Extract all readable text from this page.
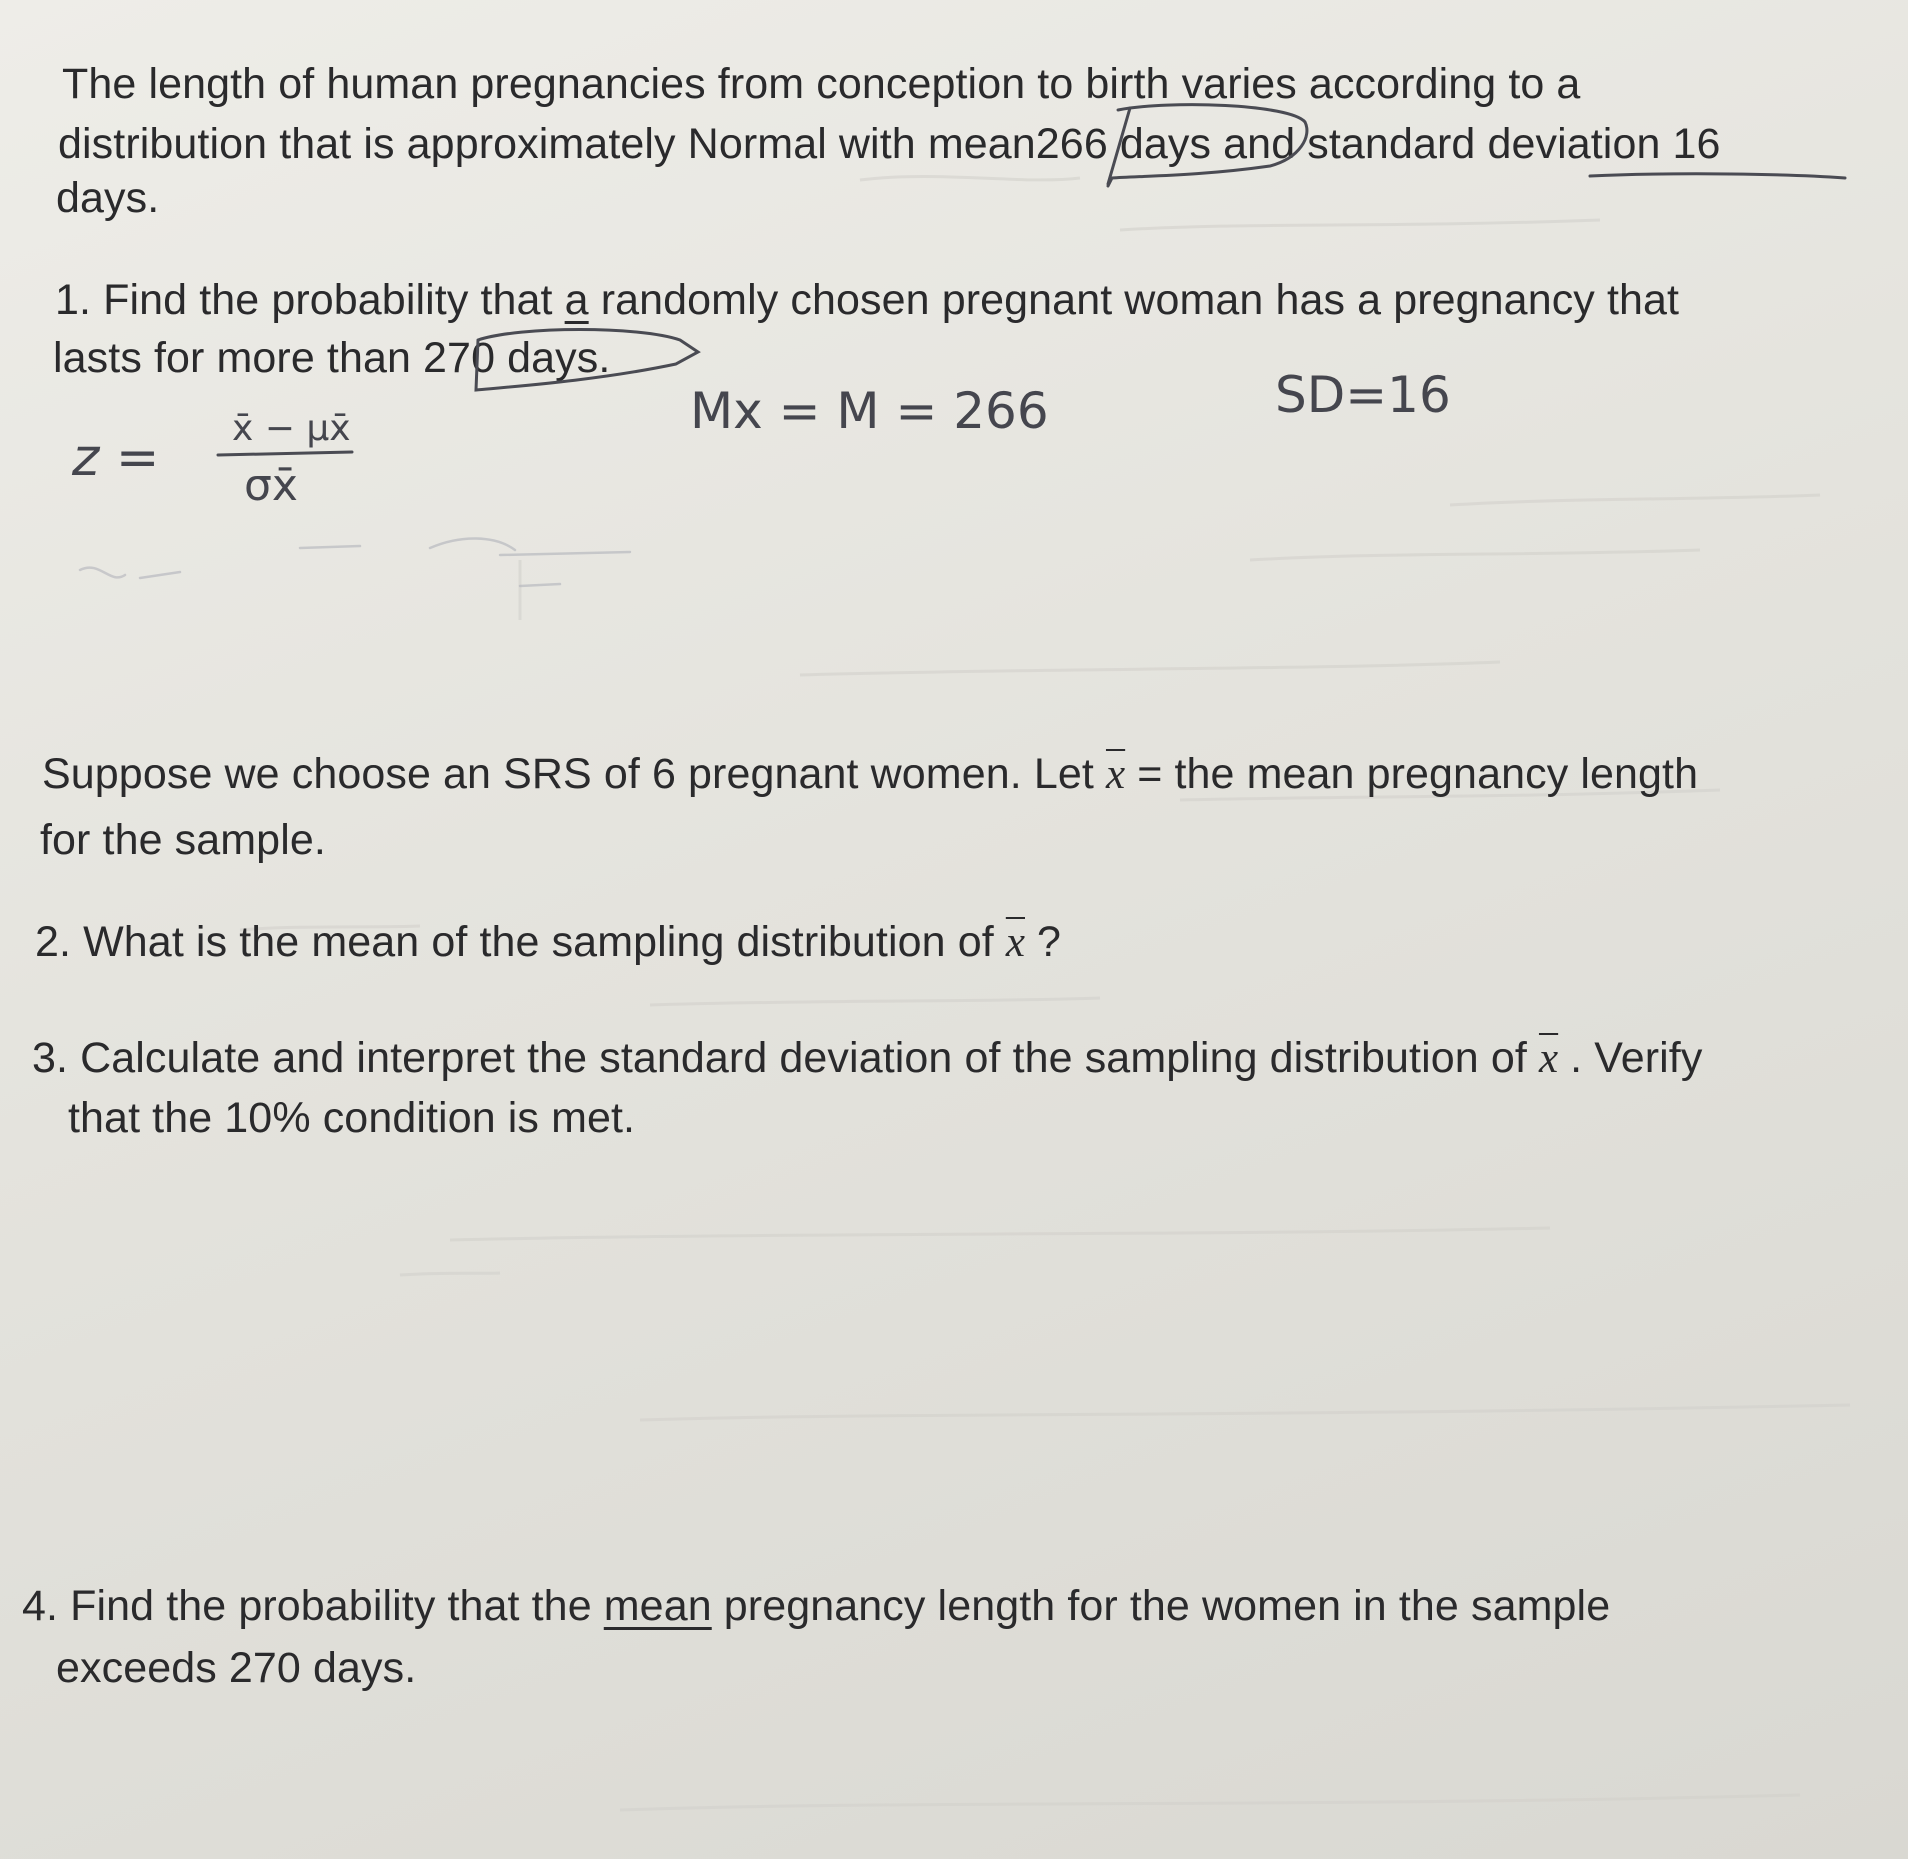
The length of human pregnancies from conception to birth varies according to a

distribution that is approximately Normal with mean266 days and standard deviation 16

days.

1. Find the probability that a randomly chosen pregnant woman has a pregnancy that

lasts for more than 270 days.

Suppose we choose an SRS of 6 pregnant women. Let $\overline{x}$ = the mean pregnancy length

for the sample.

2. What is the mean of the sampling distribution of $\overline{x}$ ?

3. Calculate and interpret the standard deviation of the sampling distribution of $\overline{x}$ . Verify

that the 10% condition is met.

4. Find the probability that the mean pregnancy length for the women in the sample

exceeds 270 days.

z = x̄ − μx̄
σx̄
Mx = M = 266	SD=16
